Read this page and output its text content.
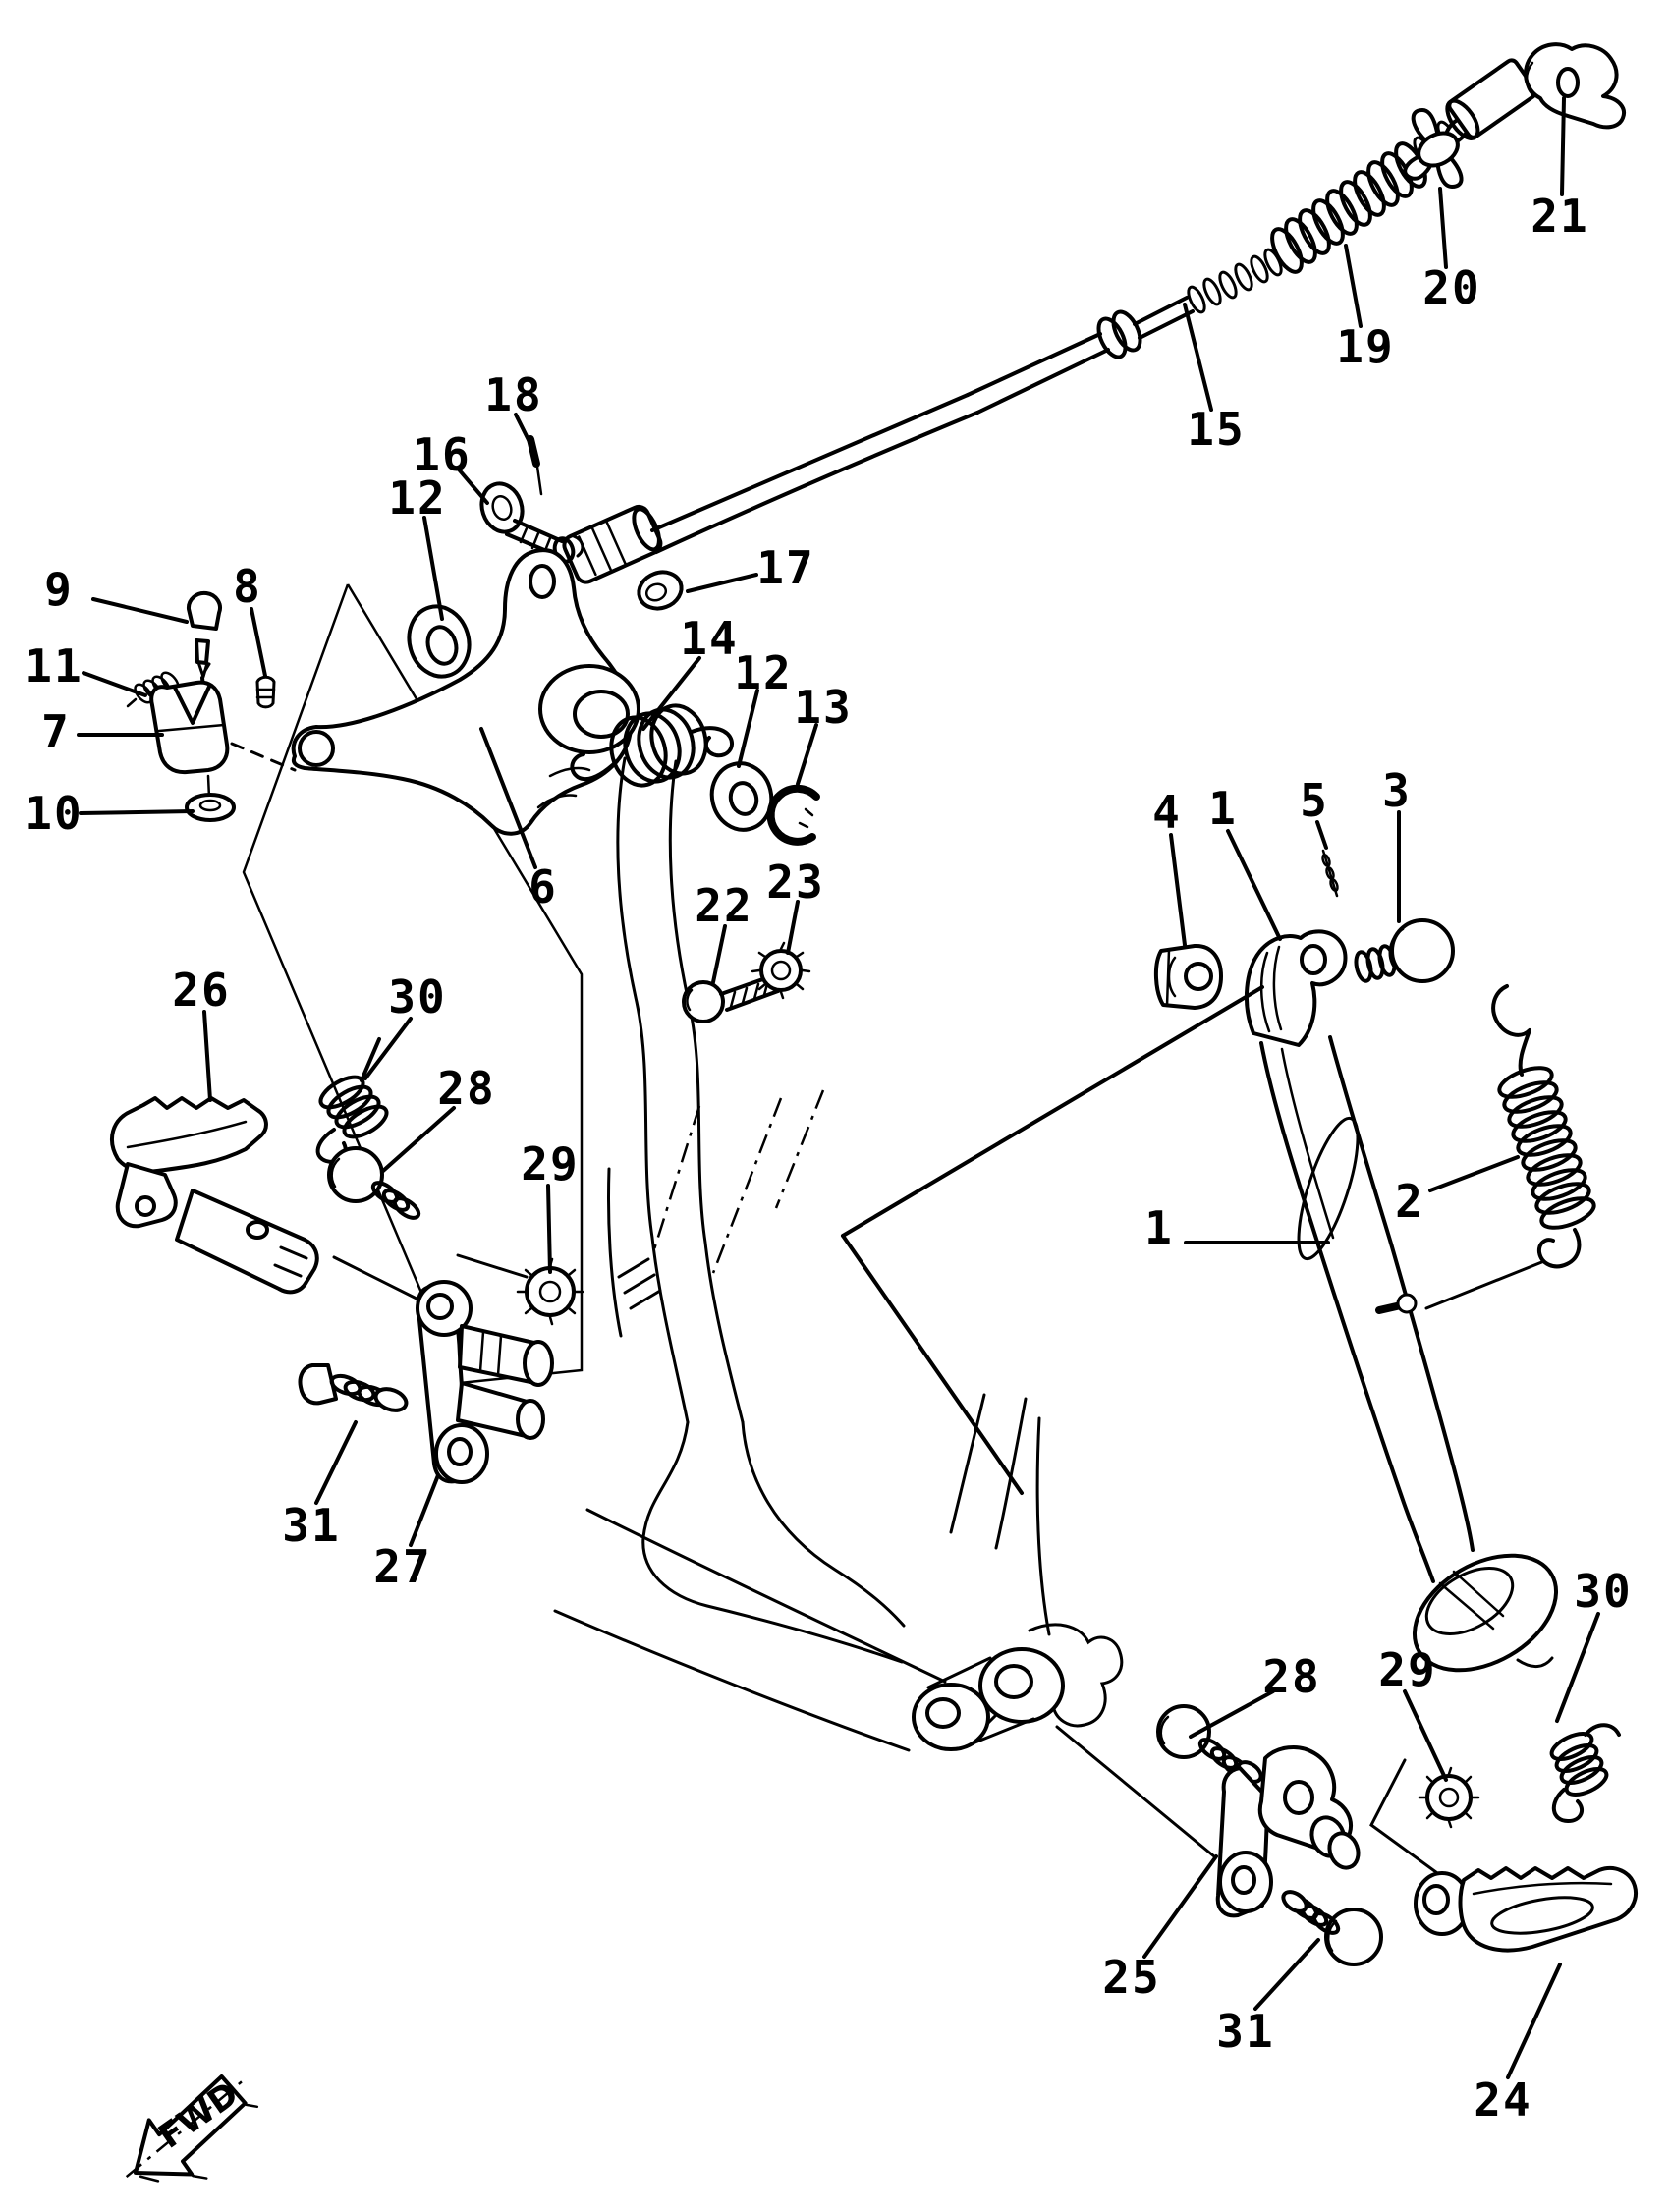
FWD
9
11
7
10
8
18
16
12
17
14
12
13
6	22 23
15
19
20
21
4 1 5 3
2
1
26	30
28
29
31
27
28 29
25
31
30
24
